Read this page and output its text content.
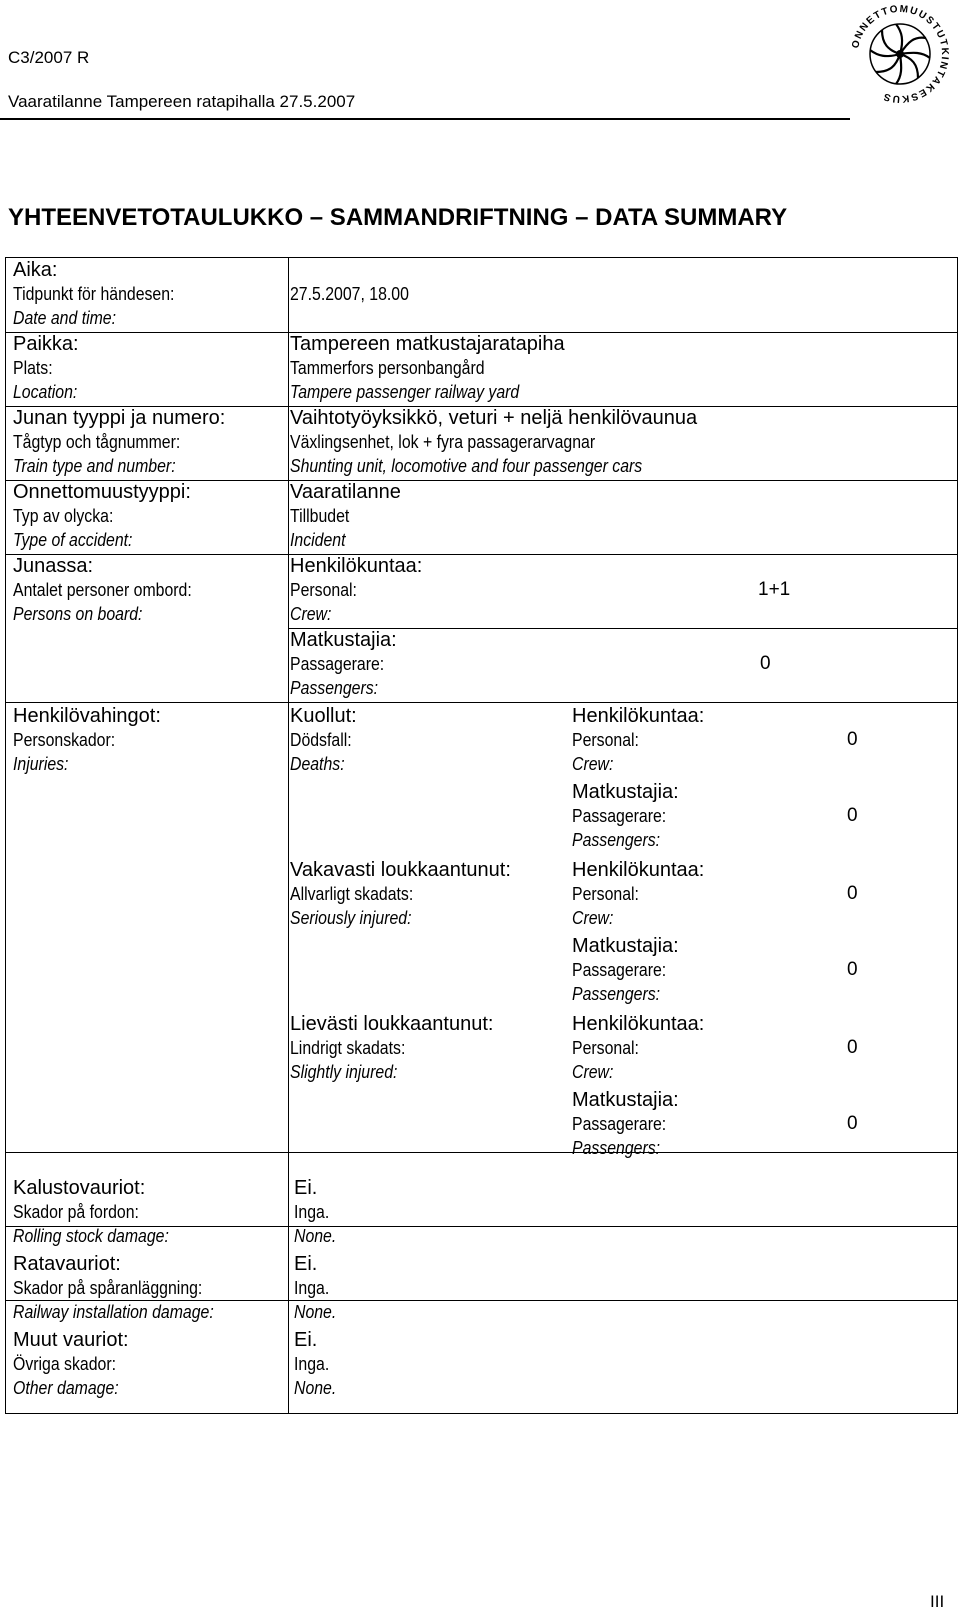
C3/2007 R
Vaaratilanne Tampereen ratapihalla 27.5.2007
ONNETTOMUUSTUTKINTAKESKUS
YHTEENVETOTAULUKKO – SAMMANDRIFTNING – DATA SUMMARY
Aika:
Tidpunkt för händesen:
Date and time:
27.5.2007, 18.00
Paikka:
Plats:
Location:
Tampereen matkustajaratapiha
Tammerfors personbangård
Tampere passenger railway yard
Junan tyyppi ja numero:
Tågtyp och tågnummer:
Train type and number:
Vaihtotyöyksikkö, veturi + neljä henkilövaunua
Växlingsenhet, lok + fyra passagerarvagnar
Shunting unit, locomotive and four passenger cars
Onnettomuustyyppi:
Typ av olycka:
Type of accident:
Vaaratilanne
Tillbudet
Incident
Junassa:
Antalet personer ombord:
Persons on board:
Henkilökuntaa:
Personal:
Crew:
1+1
Matkustajia:
Passagerare:
Passengers:
0
Henkilövahingot:
Personskador:
Injuries:
Kuollut:
Dödsfall:
Deaths:
Henkilökuntaa:
Personal:
Crew:
0
Matkustajia:
Passagerare:
Passengers:
0
Vakavasti loukkaantunut:
Allvarligt skadats:
Seriously injured:
Henkilökuntaa:
Personal:
Crew:
0
Matkustajia:
Passagerare:
Passengers:
0
Lievästi loukkaantunut:
Lindrigt skadats:
Slightly injured:
Henkilökuntaa:
Personal:
Crew:
0
Matkustajia:
Passagerare:
Passengers:
0
Kalustovauriot:
Skador på fordon:
Rolling stock damage:
Ei.
Inga.
None.
Ratavauriot:
Skador på spåranläggning:
Railway installation damage:
Ei.
Inga.
None.
Muut vauriot:
Övriga skador:
Other damage:
Ei.
Inga.
None.
III
